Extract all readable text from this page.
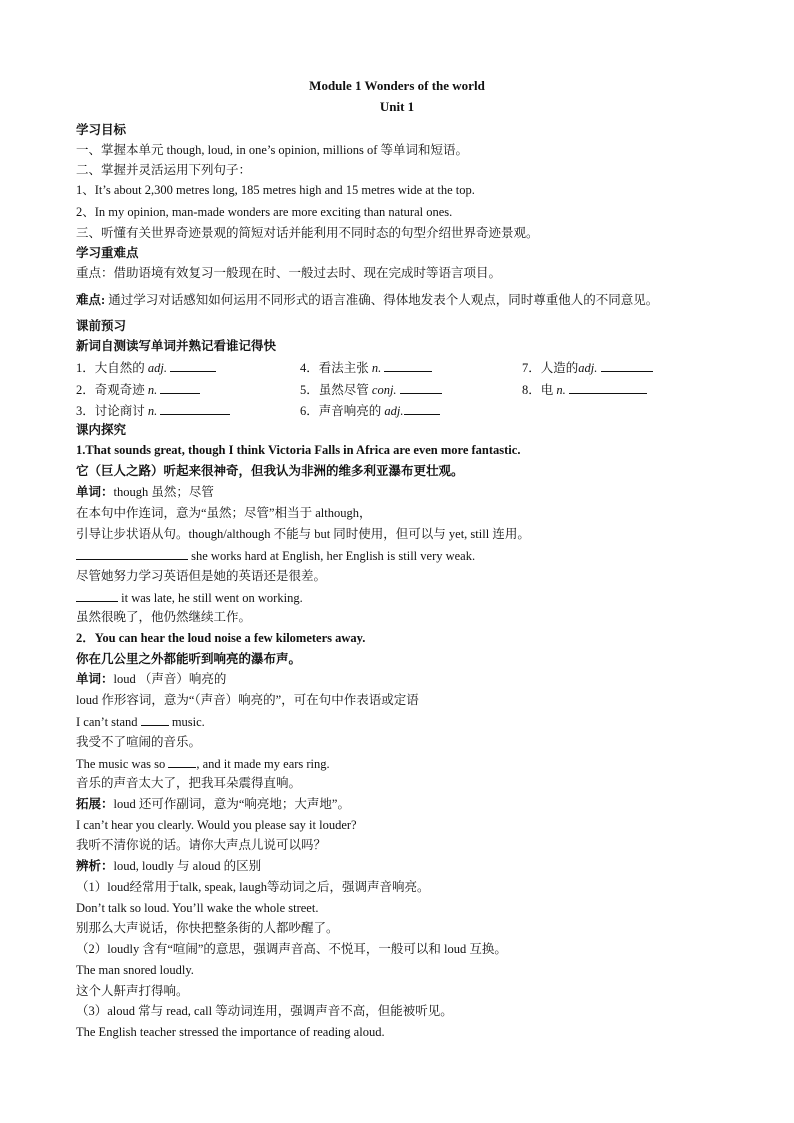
Module 1 Wonders of the world
Unit 1
学习目标
一、掌握本单元 though, loud, in one’s opinion, millions of 等单词和短语。
二、掌握并灵活运用下列句子：
1、It’s about 2,300 metres long, 185 metres high and 15 metres wide at the top.
2、In my opinion, man-made wonders are more exciting than natural ones.
三、听懂有关世界奇迹景观的简短对话并能利用不同时态的句型介绍世界奇迹景观。
学习重难点
重点：借助语境有效复习一般现在时、一般过去时、现在完成时等语言项目。
难点: 通过学习对话感知如何运用不同形式的语言准确、得体地发表个人观点，同时尊重他人的不同意见。
课前预习
新词自测读写单词并熟记看谁记得快
1．大自然的 adj.	4．看法主张 n.	7．人造的adj.
2．奇观奇迹 n.	5．虽然尽管 conj.	8．电 n.
3．讨论商讨 n.	6．声音响亮的 adj.
课内探究
1.That sounds great, though I think Victoria Falls in Africa are even more fantastic.
它（巨人之路）听起来很神奇，但我认为非洲的维多利亚瀑布更壮观。
单词：though 虽然；尽管
在本句中作连词，意为“虽然；尽管”相当于 although，
引导让步状语从句。though/although 不能与 but 同时使用，但可以与 yet, still 连用。
she works hard at English, her English is still very weak.
尽管她努力学习英语但是她的英语还是很差。
it was late, he still went on working.
虽然很晚了，他仍然继续工作。
2．You can hear the loud noise a few kilometers away.
你在几公里之外都能听到响亮的瀑布声。
单词：loud （声音）响亮的
loud 作形容词，意为“（声音）响亮的”，可在句中作表语或定语
I can’t stand  music.
我受不了喧闹的音乐。
The music was so , and it made my ears ring.
音乐的声音太大了，把我耳朵震得直响。
拓展：loud 还可作副词，意为“响亮地；大声地”。
I can’t hear you clearly. Would you please say it louder?
我听不清你说的话。请你大声点儿说可以吗？
辨析：loud, loudly 与 aloud 的区别
（1）loud经常用于talk, speak, laugh等动词之后，强调声音响亮。
Don’t talk so loud. You’ll wake the whole street.
别那么大声说话，你快把整条街的人都吵醒了。
（2）loudly 含有“喧闹”的意思，强调声音高、不悦耳，一般可以和 loud 互换。
The man snored loudly.
这个人鼾声打得响。
（3）aloud 常与 read, call 等动词连用，强调声音不高，但能被听见。
The English teacher stressed the importance of reading aloud.
